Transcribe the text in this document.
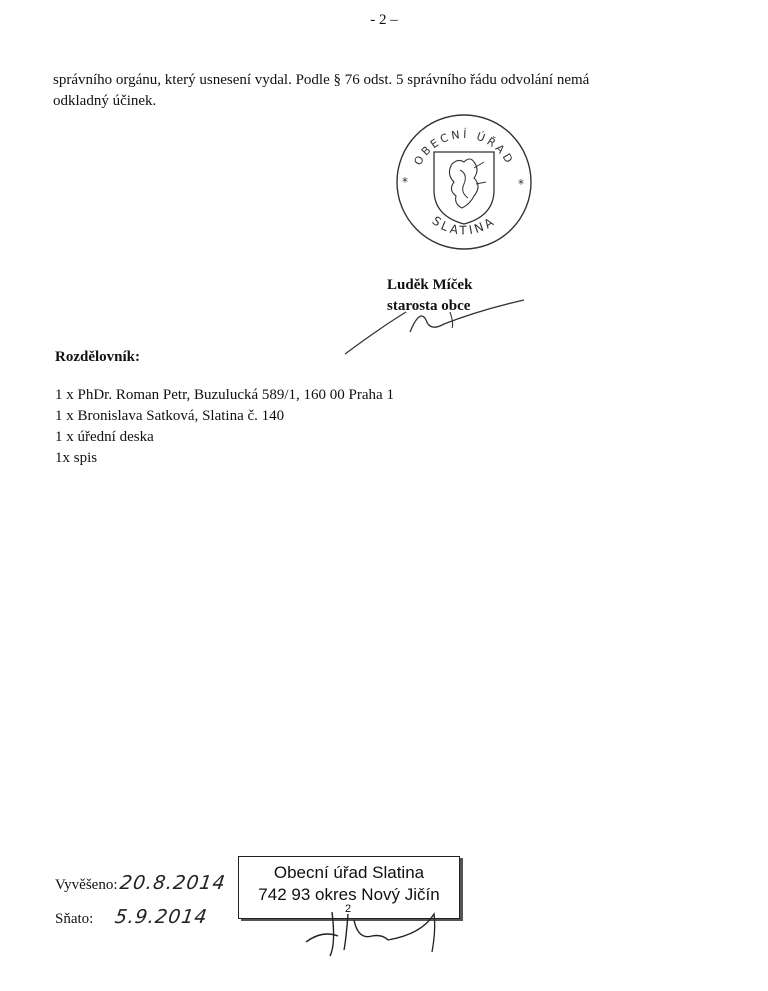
- 2 –
správního orgánu, který usnesení vydal. Podle § 76 odst. 5 správního řádu odvolání nemá
odkladný účinek.
OBECNÍ ÚŘAD
SLATINA
*	*
Luděk Míček
starosta obce
Rozdělovník:
1 x PhDr. Roman Petr, Buzulucká 589/1, 160 00 Praha 1
1 x Bronislava Satková, Slatina č. 140
1 x úřední deska
1x spis
Vyvěšeno:20.8.2014
Sňato: 5.9.2014
Obecní úřad Slatina
742 93 okres Nový Jičín
2
